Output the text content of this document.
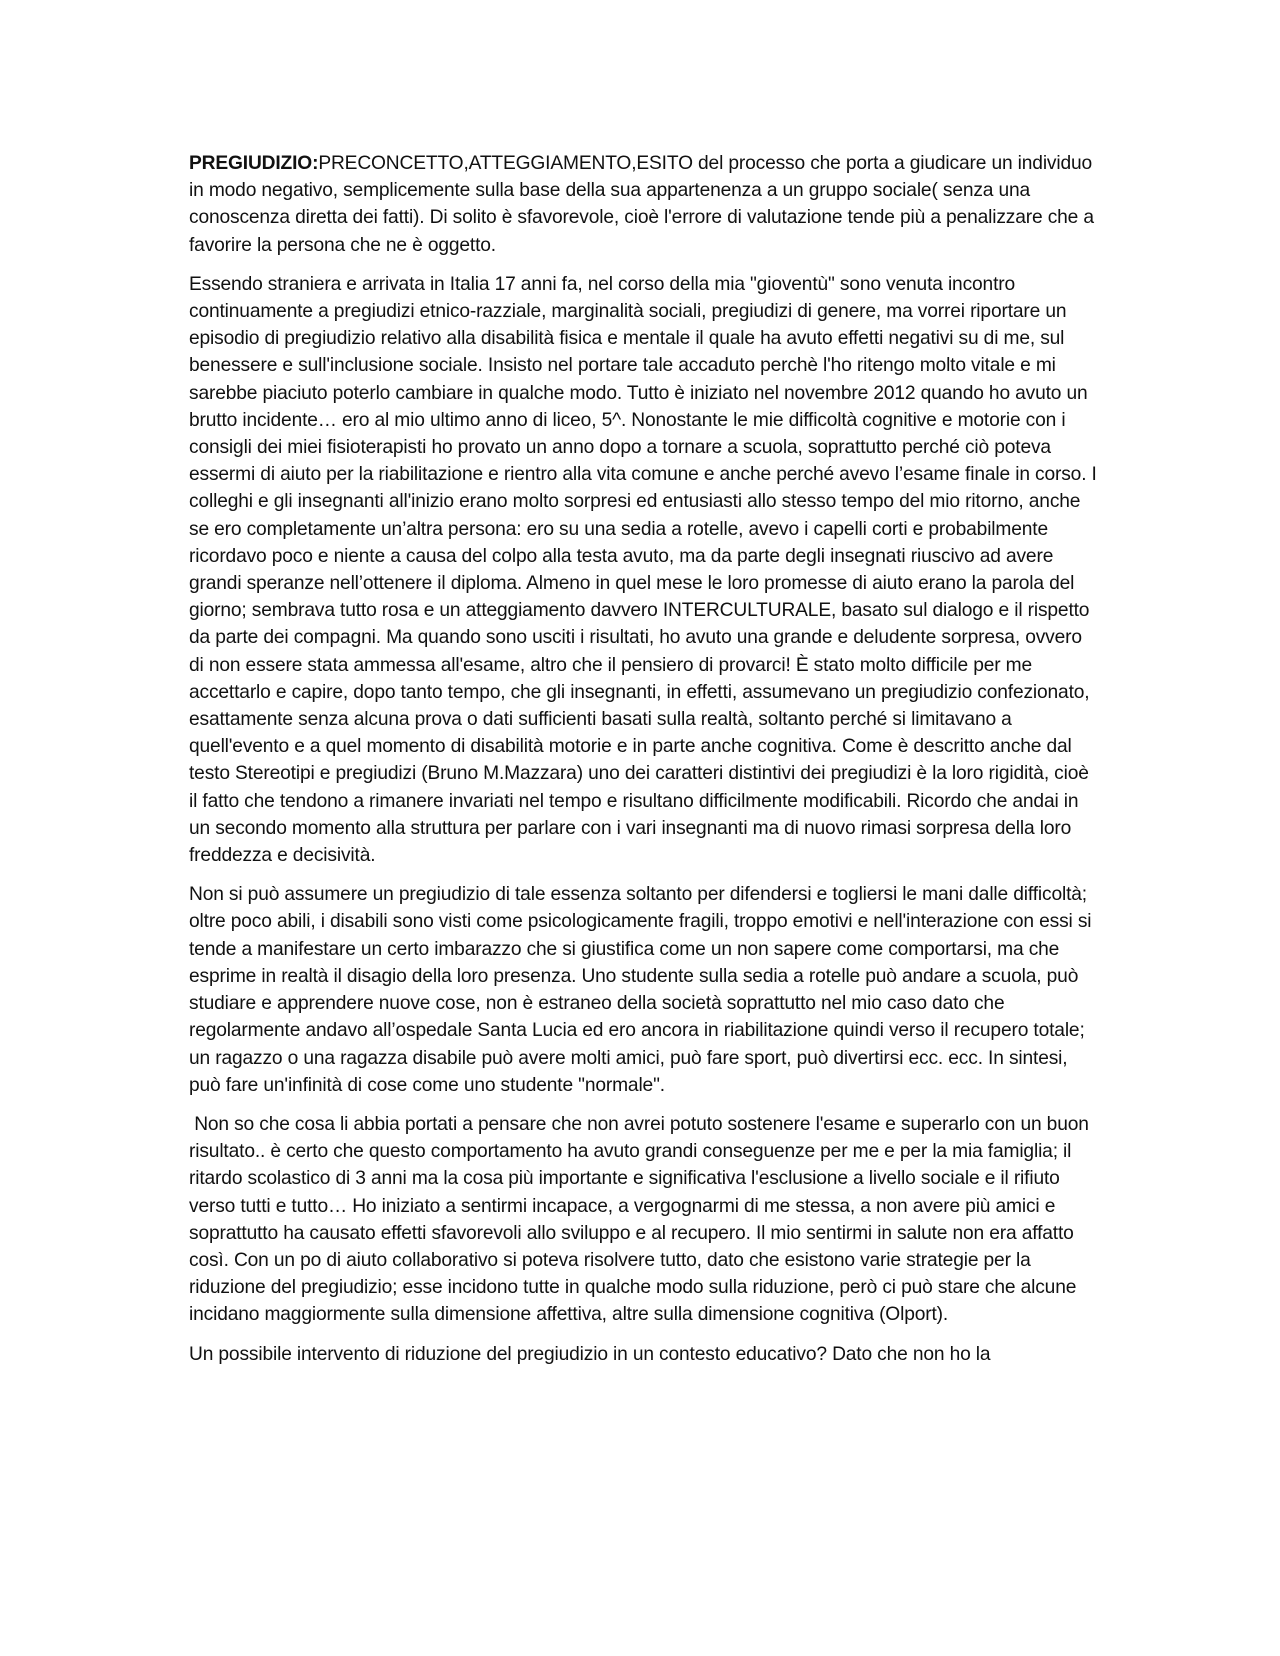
PREGIUDIZIO:PRECONCETTO,ATTEGGIAMENTO,ESITO del processo che porta a giudicare un individuo in modo negativo, semplicemente sulla base della sua appartenenza a un gruppo sociale( senza una conoscenza diretta dei fatti). Di solito è sfavorevole, cioè l'errore di valutazione tende più a penalizzare che a favorire la persona che ne è oggetto.

Essendo straniera e arrivata in Italia 17 anni fa, nel corso della mia "gioventù" sono venuta incontro continuamente a pregiudizi etnico-razziale, marginalità sociali, pregiudizi di genere, ma vorrei riportare un episodio di pregiudizio relativo alla disabilità fisica e mentale il quale ha avuto effetti negativi su di me, sul benessere e sull'inclusione sociale. Insisto nel portare tale accaduto perchè l'ho ritengo molto vitale e mi sarebbe piaciuto poterlo cambiare in qualche modo. Tutto è iniziato nel novembre 2012 quando ho avuto un brutto incidente… ero al mio ultimo anno di liceo, 5^. Nonostante le mie difficoltà cognitive e motorie con i consigli dei miei fisioterapisti ho provato un anno dopo a tornare a scuola, soprattutto perché ciò poteva essermi di aiuto per la riabilitazione e rientro alla vita comune e anche perché avevo l’esame finale in corso. I colleghi e gli insegnanti all'inizio erano molto sorpresi ed entusiasti allo stesso tempo del mio ritorno, anche se ero completamente un’altra persona: ero su una sedia a rotelle, avevo i capelli corti e probabilmente ricordavo poco e niente a causa del colpo alla testa avuto, ma da parte degli insegnati riuscivo ad avere grandi speranze nell’ottenere il diploma. Almeno in quel mese le loro promesse di aiuto erano la parola del giorno; sembrava tutto rosa e un atteggiamento davvero INTERCULTURALE, basato sul dialogo e il rispetto da parte dei compagni. Ma quando sono usciti i risultati, ho avuto una grande e deludente sorpresa, ovvero di non essere stata ammessa all'esame, altro che il pensiero di provarci! È stato molto difficile per me accettarlo e capire, dopo tanto tempo, che gli insegnanti, in effetti, assumevano un pregiudizio confezionato, esattamente senza alcuna prova o dati sufficienti basati sulla realtà, soltanto perché si limitavano a quell'evento e a quel momento di disabilità motorie e in parte anche cognitiva. Come è descritto anche dal testo Stereotipi e pregiudizi (Bruno M.Mazzara) uno dei caratteri distintivi dei pregiudizi è la loro rigidità, cioè il fatto che tendono a rimanere invariati nel tempo e risultano difficilmente modificabili. Ricordo che andai in un secondo momento alla struttura per parlare con i vari insegnanti ma di nuovo rimasi sorpresa della loro freddezza e decisività.

Non si può assumere un pregiudizio di tale essenza soltanto per difendersi e togliersi le mani dalle difficoltà; oltre poco abili, i disabili sono visti come psicologicamente fragili, troppo emotivi e nell'interazione con essi si tende a manifestare un certo imbarazzo che si giustifica come un non sapere come comportarsi, ma che esprime in realtà il disagio della loro presenza. Uno studente sulla sedia a rotelle può andare a scuola, può studiare e apprendere nuove cose, non è estraneo della società soprattutto nel mio caso dato che regolarmente andavo all’ospedale Santa Lucia ed ero ancora in riabilitazione quindi verso il recupero totale; un ragazzo o una ragazza disabile può avere molti amici, può fare sport, può divertirsi ecc. ecc. In sintesi, può fare un'infinità di cose come uno studente "normale".

Non so che cosa li abbia portati a pensare che non avrei potuto sostenere l'esame e superarlo con un buon risultato.. è certo che questo comportamento ha avuto grandi conseguenze per me e per la mia famiglia; il ritardo scolastico di 3 anni ma la cosa più importante e significativa l'esclusione a livello sociale e il rifiuto verso tutti e tutto… Ho iniziato a sentirmi incapace, a vergognarmi di me stessa, a non avere più amici e soprattutto ha causato effetti sfavorevoli allo sviluppo e al recupero. Il mio sentirmi in salute non era affatto così. Con un po di aiuto collaborativo si poteva risolvere tutto, dato che esistono varie strategie per la riduzione del pregiudizio; esse incidono tutte in qualche modo sulla riduzione, però ci può stare che alcune incidano maggiormente sulla dimensione affettiva, altre sulla dimensione cognitiva (Olport).

Un possibile intervento di riduzione del pregiudizio in un contesto educativo? Dato che non ho la
